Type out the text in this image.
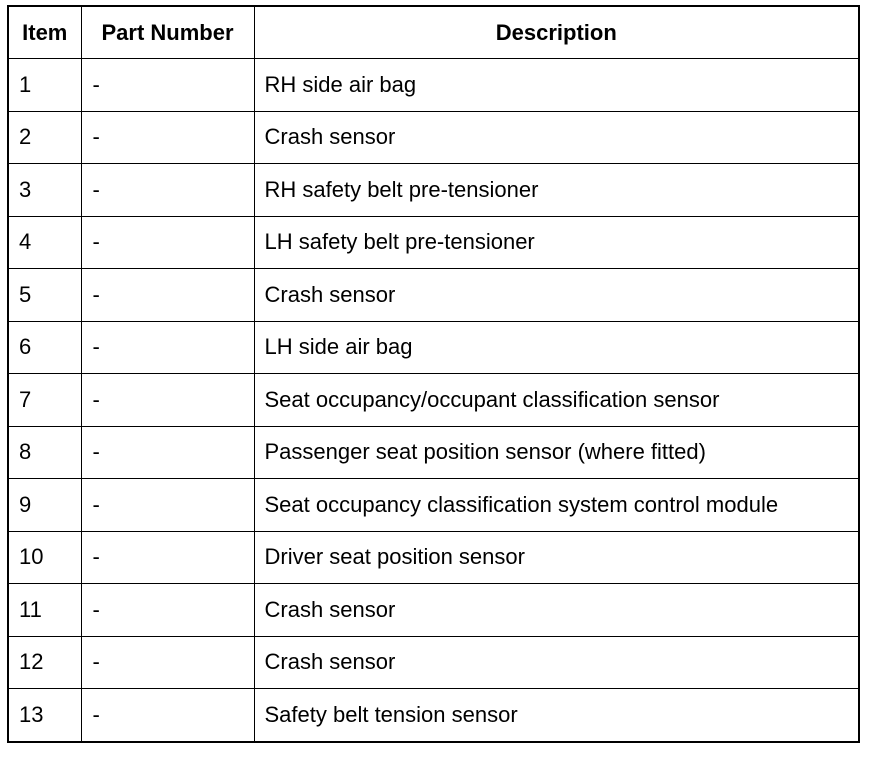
Item	Part Number	Description
1	-	RH side air bag
2	-	Crash sensor
3	-	RH safety belt pre-tensioner
4	-	LH safety belt pre-tensioner
5	-	Crash sensor
6	-	LH side air bag
7	-	Seat occupancy/occupant classification sensor
8	-	Passenger seat position sensor (where fitted)
9	-	Seat occupancy classification system control module
10	-	Driver seat position sensor
11	-	Crash sensor
12	-	Crash sensor
13	-	Safety belt tension sensor
